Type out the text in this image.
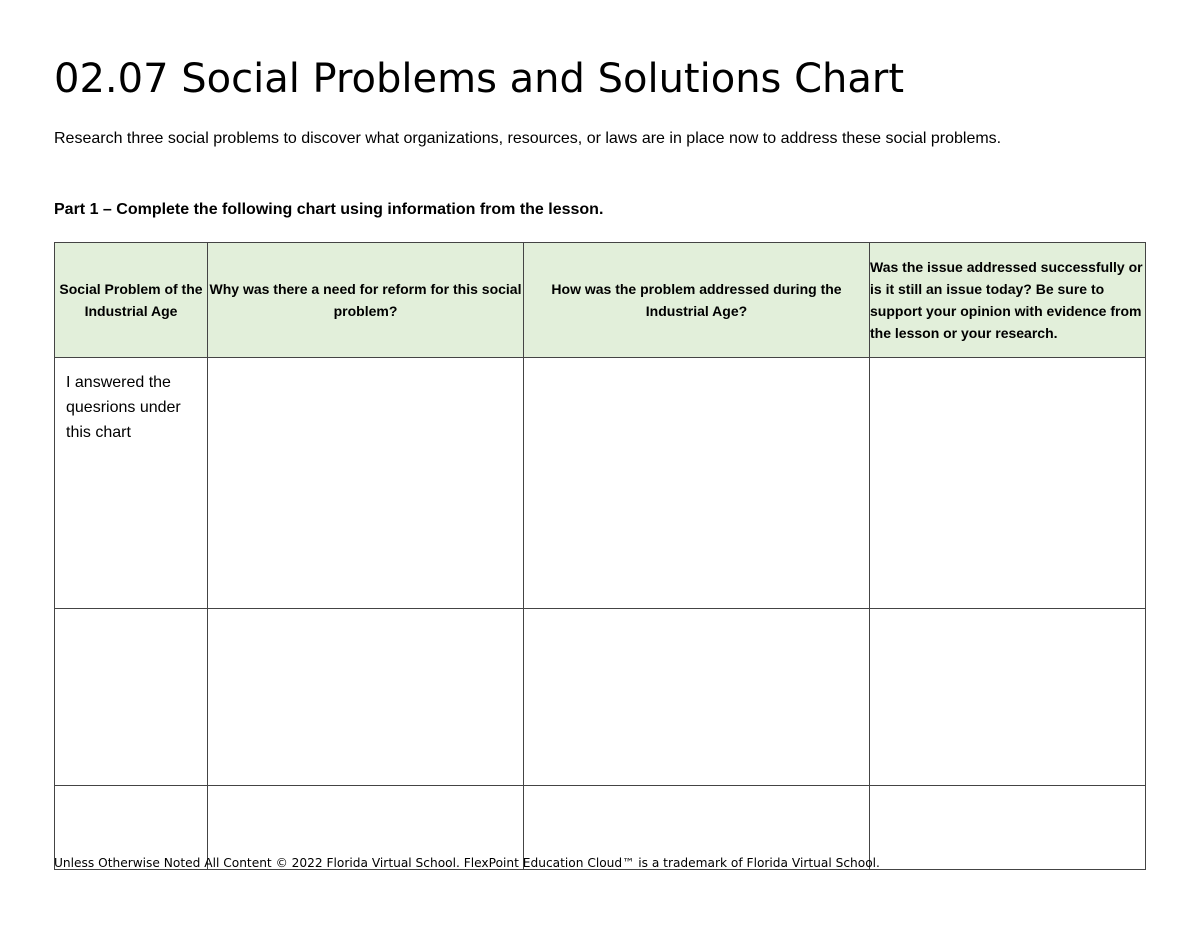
02.07 Social Problems and Solutions Chart

Research three social problems to discover what organizations, resources, or laws are in place now to address these social problems.

Part 1 – Complete the following chart using information from the lesson.

Social Problem of the Industrial Age	Why was there a need for reform for this social problem?	How was the problem addressed during the Industrial Age?	Was the issue addressed successfully or is it still an issue today? Be sure to support your opinion with evidence from the lesson or your research.
I answered the quesrions under this chart			

Unless Otherwise Noted All Content © 2022 Florida Virtual School. FlexPoint Education Cloud™ is a trademark of Florida Virtual School.
